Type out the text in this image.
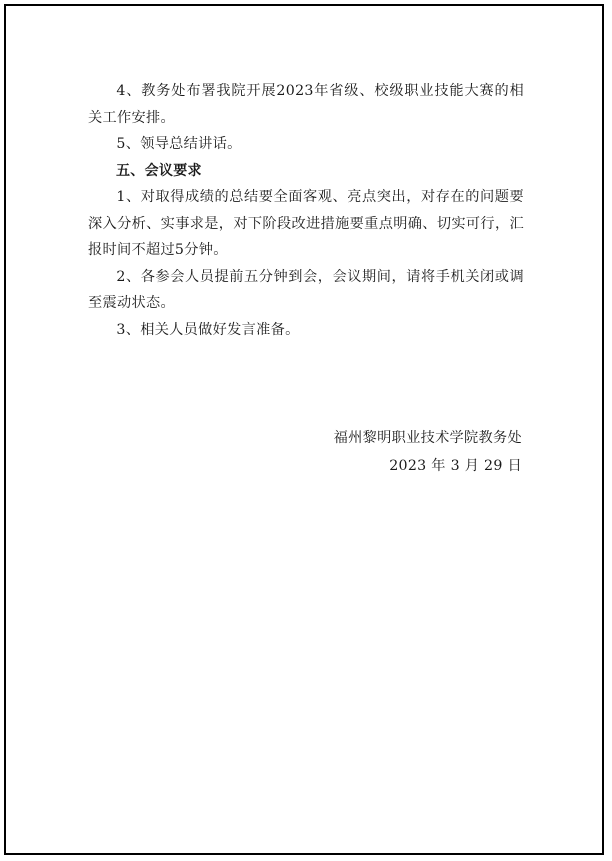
4、教务处布署我院开展2023年省级、校级职业技能大赛的相关工作安排。

5、领导总结讲话。

五、会议要求

1、对取得成绩的总结要全面客观、亮点突出，对存在的问题要深入分析、实事求是，对下阶段改进措施要重点明确、切实可行，汇报时间不超过5分钟。

2、各参会人员提前五分钟到会，会议期间，请将手机关闭或调至震动状态。

3、相关人员做好发言准备。

福州黎明职业技术学院教务处
2023 年 3 月 29 日
